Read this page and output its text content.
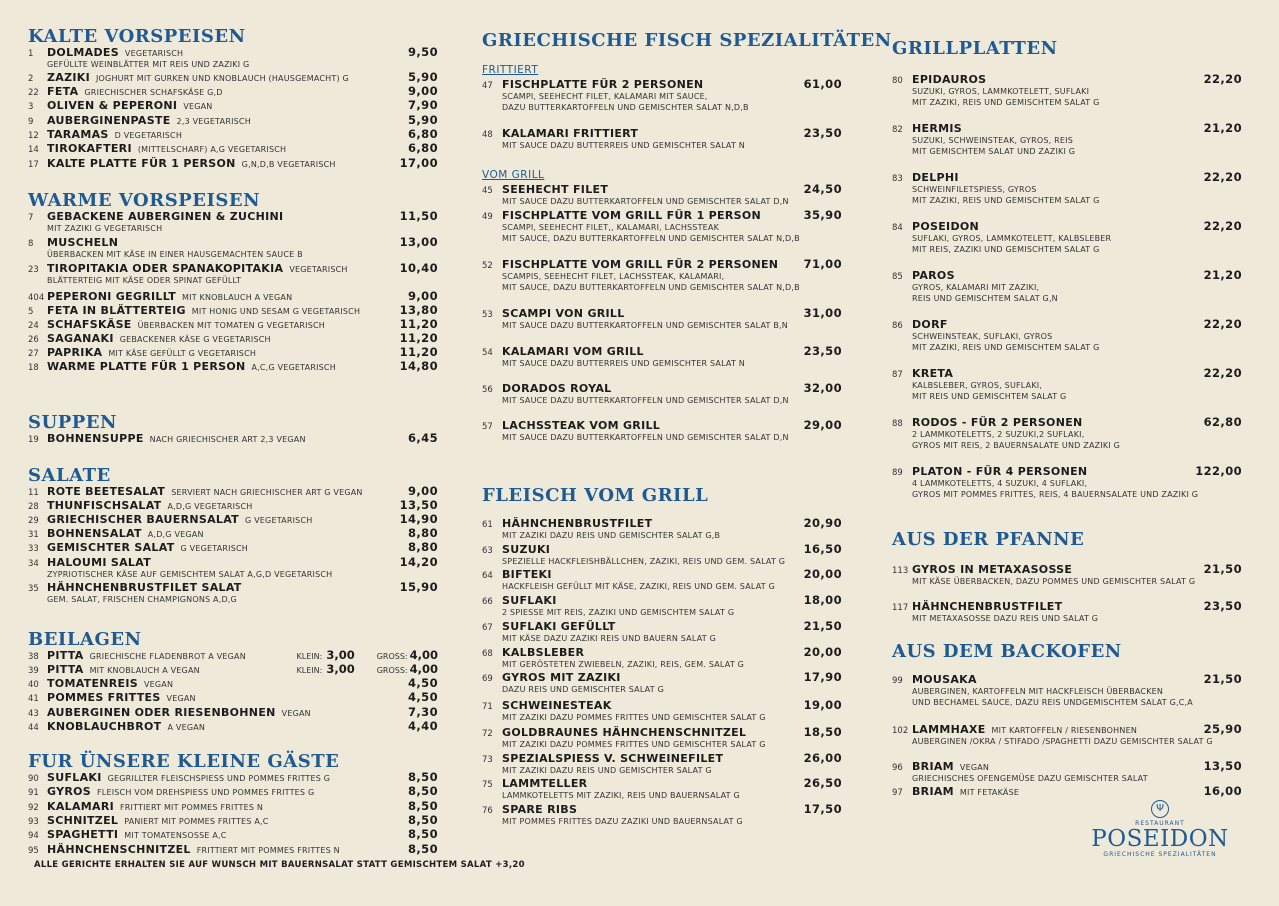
KALTE VORSPEISEN
1	DOLMADES VEGETARISCH	9,50
GEFÜLLTE WEINBLÄTTER MIT REIS UND ZAZIKI G
2	ZAZIKI JOGHURT MIT GURKEN UND KNOBLAUCH (HAUSGEMACHT) G	5,90
22 FETA GRIECHISCHER SCHAFSKÄSE G,D	9,00
3	OLIVEN & PEPERONI VEGAN	7,90
9	AUBERGINENPASTE 2,3 VEGETARISCH	5,90
12 TARAMAS D VEGETARISCH	6,80
14 TIROKAFTERI (MITTELSCHARF) A,G VEGETARISCH	6,80
17 KALTE PLATTE FÜR 1 PERSON G,N,D,B VEGETARISCH	17,00
WARME VORSPEISEN
7	GEBACKENE AUBERGINEN & ZUCHINI	11,50
MIT ZAZIKI G VEGETARISCH
8	MUSCHELN	13,00
ÜBERBACKEN MIT KÄSE IN EINER HAUSGEMACHTEN SAUCE B
23 TIROPITAKIA ODER SPANAKOPITAKIA VEGETARISCH	10,40
BLÄTTERTEIG MIT KÄSE ODER SPINAT GEFÜLLT
404 PEPERONI GEGRILLT MIT KNOBLAUCH A VEGAN	9,00
5	FETA IN BLÄTTERTEIG MIT HONIG UND SESAM G VEGETARISCH	13,80
24 SCHAFSKÄSE ÜBERBACKEN MIT TOMATEN G VEGETARISCH	11,20
26 SAGANAKI GEBACKENER KÄSE G VEGETARISCH	11,20
27 PAPRIKA MIT KÄSE GEFÜLLT G VEGETARISCH	11,20
18 WARME PLATTE FÜR 1 PERSON A,C,G VEGETARISCH	14,80
SUPPEN
19 BOHNENSUPPE NACH GRIECHISCHER ART 2,3 VEGAN	6,45
SALATE
11 ROTE BEETESALAT SERVIERT NACH GRIECHISCHER ART G VEGAN	9,00
28 THUNFISCHSALAT A,D,G VEGETARISCH	13,50
29 GRIECHISCHER BAUERNSALAT G VEGETARISCH	14,90
31 BOHNENSALAT A,D,G VEGAN	8,80
33 GEMISCHTER SALAT G VEGETARISCH	8,80
34 HALOUMI SALAT	14,20
ZYPRIOTISCHER KÄSE AUF GEMISCHTEM SALAT A,G,D VEGETARISCH
35 HÄHNCHENBRUSTFILET SALAT	15,90
GEM. SALAT, FRISCHEN CHAMPIGNONS A,D,G
BEILAGEN
38 PITTA GRIECHISCHE FLADENBROT A VEGAN	KLEIN: 3,00	GROSS: 4,00
39 PITTA MIT KNOBLAUCH A VEGAN	KLEIN: 3,00	GROSS: 4,00
40 TOMATENREIS VEGAN	4,50
41 POMMES FRITTES VEGAN	4,50
43 AUBERGINEN ODER RIESENBOHNEN VEGAN	7,30
44 KNOBLAUCHBROT A VEGAN	4,40
FUR ÜNSERE KLEINE GÄSTE
90 SUFLAKI GEGRILLTER FLEISCHSPIESS UND POMMES FRITTES G	8,50
91 GYROS FLEISCH VOM DREHSPIESS UND POMMES FRITTES G	8,50
92 KALAMARI FRITTIERT MIT POMMES FRITTES N	8,50
93 SCHNITZEL PANIERT MIT POMMES FRITTES A,C	8,50
94 SPAGHETTI MIT TOMATENSOSSE A,C	8,50
95 HÄHNCHENSCHNITZEL FRITTIERT MIT POMMES FRITTES N	8,50
ALLE GERICHTE ERHALTEN SIE AUF WUNSCH MIT BAUERNSALAT STATT GEMISCHTEM SALAT +3,20
GRIECHISCHE FISCH SPEZIALITÄTEN
FRITTIERT
47 FISCHPLATTE FÜR 2 PERSONEN	61,00
SCAMPI, SEEHECHT FILET, KALAMARI MIT SAUCE,
DAZU BUTTERKARTOFFELN UND GEMISCHTER SALAT N,D,B
48 KALAMARI FRITTIERT	23,50
MIT SAUCE DAZU BUTTERREIS UND GEMISCHTER SALAT N
VOM GRILL
45 SEEHECHT FILET	24,50
MIT SAUCE DAZU BUTTERKARTOFFELN UND GEMISCHTER SALAT D,N
49 FISCHPLATTE VOM GRILL FÜR 1 PERSON	35,90
SCAMPI, SEEHECHT FILET,, KALAMARI, LACHSSTEAK
MIT SAUCE, DAZU BUTTERKARTOFFELN UND GEMISCHTER SALAT N,D,B
52 FISCHPLATTE VOM GRILL FÜR 2 PERSONEN 71,00
SCAMPIS, SEEHECHT FILET, LACHSSTEAK, KALAMARI,
MIT SAUCE, DAZU BUTTERKARTOFFELN UND GEMISCHTER SALAT N,D,B
53 SCAMPI VON GRILL	31,00
MIT SAUCE DAZU BUTTERKARTOFFELN UND GEMISCHTER SALAT B,N
54 KALAMARI VOM GRILL	23,50
MIT SAUCE DAZU BUTTERREIS UND GEMISCHTER SALAT N
56 DORADOS ROYAL	32,00
MIT SAUCE DAZU BUTTERKARTOFFELN UND GEMISCHTER SALAT D,N
57 LACHSSTEAK VOM GRILL	29,00
MIT SAUCE DAZU BUTTERKARTOFFELN UND GEMISCHTER SALAT D,N
FLEISCH VOM GRILL
61 HÄHNCHENBRUSTFILET	20,90
MIT ZAZIKI DAZU REIS UND GEMISCHTER SALAT G,B
63 SUZUKI	16,50
SPEZIELLE HACKFLEISHBÄLLCHEN, ZAZIKI, REIS UND GEM. SALAT G
64 BIFTEKI	20,00
HACKFLEISH GEFÜLLT MIT KÄSE, ZAZIKI, REIS UND GEM. SALAT G
66 SUFLAKI	18,00
2 SPIESSE MIT REIS, ZAZIKI UND GEMISCHTEM SALAT G
67 SUFLAKI GEFÜLLT	21,50
MIT KÄSE DAZU ZAZIKI REIS UND BAUERN SALAT G
68 KALBSLEBER	20,00
MIT GERÖSTETEN ZWIEBELN, ZAZIKI, REIS, GEM. SALAT G
69 GYROS MIT ZAZIKI	17,90
DAZU REIS UND GEMISCHTER SALAT G
71 SCHWEINESTEAK	19,00
MIT ZAZIKI DAZU POMMES FRITTES UND GEMISCHTER SALAT G
72 GOLDBRAUNES HÄHNCHENSCHNITZEL	18,50
MIT ZAZIKI DAZU POMMES FRITTES UND GEMISCHTER SALAT G
73 SPEZIALSPIESS V. SCHWEINEFILET	26,00
MIT ZAZIKI DAZU REIS UND GEMISCHTER SALAT G
75 LAMMTELLER	26,50
LAMMKOTELETTS MIT ZAZIKI, REIS UND BAUERNSALAT G
76 SPARE RIBS	17,50
MIT POMMES FRITTES DAZU ZAZIKI UND BAUERNSALAT G
GRILLPLATTEN
80 EPIDAUROS	22,20
SUZUKI, GYROS, LAMMKOTELETT, SUFLAKI
MIT ZAZIKI, REIS UND GEMISCHTEM SALAT G
82 HERMIS	21,20
SUZUKI, SCHWEINSTEAK, GYROS, REIS
MIT GEMISCHTEM SALAT UND ZAZIKI G
83 DELPHI	22,20
SCHWEINFILETSPIESS, GYROS
MIT ZAZIKI, REIS UND GEMISCHTEM SALAT G
84 POSEIDON	22,20
SUFLAKI, GYROS, LAMMKOTELETT, KALBSLEBER
MIT REIS, ZAZIKI UND GEMISCHTEM SALAT G
85 PAROS	21,20
GYROS, KALAMARI MIT ZAZIKI,
REIS UND GEMISCHTEM SALAT G,N
86 DORF	22,20
SCHWEINSTEAK, SUFLAKI, GYROS
MIT ZAZIKI, REIS UND GEMISCHTEM SALAT G
87 KRETA	22,20
KALBSLEBER, GYROS, SUFLAKI,
MIT REIS UND GEMISCHTEM SALAT G
88 RODOS - FÜR 2 PERSONEN	62,80
2 LAMMKOTELETTS, 2 SUZUKI,2 SUFLAKI,
GYROS MIT REIS, 2 BAUERNSALATE UND ZAZIKI G
89 PLATON - FÜR 4 PERSONEN	122,00
4 LAMMKOTELETTS, 4 SUZUKI, 4 SUFLAKI,
GYROS MIT POMMES FRITTES, REIS, 4 BAUERNSALATE UND ZAZIKI G
AUS DER PFANNE
113 GYROS IN METAXASOSSE	21,50
MIT KÄSE ÜBERBACKEN, DAZU POMMES UND GEMISCHTER SALAT G
117 HÄHNCHENBRUSTFILET	23,50
MIT METAXASOSSE DAZU REIS UND SALAT G
AUS DEM BACKOFEN
99 MOUSAKA	21,50
AUBERGINEN, KARTOFFELN MIT HACKFLEISCH ÜBERBACKEN
UND BECHAMEL SAUCE, DAZU REIS UNDGEMISCHTEM SALAT G,C,A
102 LAMMHAXE MIT KARTOFFELN / RIESENBOHNEN	25,90
AUBERGINEN /OKRA / STIFADO /SPAGHETTI DAZU GEMISCHTER SALAT G
96 BRIAM VEGAN	13,50
GRIECHISCHES OFENGEMÜSE DAZU GEMISCHTER SALAT
97 BRIAM MIT FETAKÄSE	16,00
Ψ
RESTAURANT
POSEIDON
GRIECHISCHE SPEZIALITÄTEN
